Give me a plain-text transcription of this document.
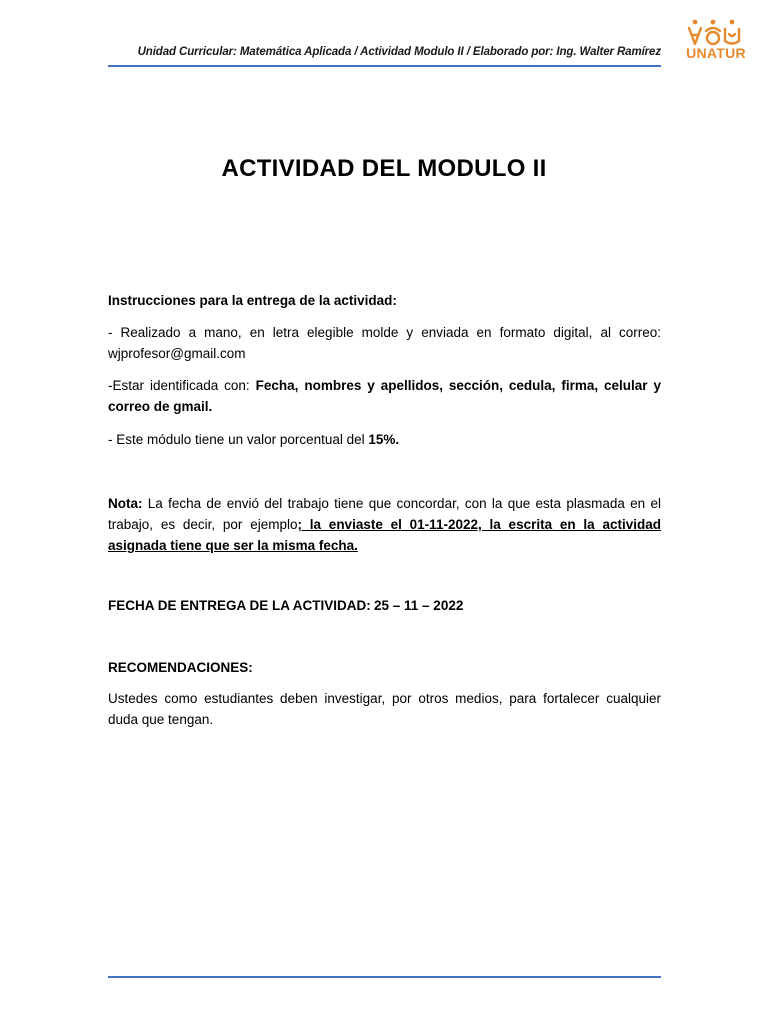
Unidad Curricular: Matemática Aplicada / Actividad Modulo II / Elaborado por: Ing. Walter Ramírez UNATUR
ACTIVIDAD DEL MODULO II
Instrucciones para la entrega de la actividad:
- Realizado a mano, en letra elegible molde y enviada en formato digital, al correo: wjprofesor@gmail.com
-Estar identificada con: Fecha, nombres y apellidos, sección, cedula, firma, celular y correo de gmail.
- Este módulo tiene un valor porcentual del 15%.
Nota: La fecha de envió del trabajo tiene que concordar, con la que esta plasmada en el trabajo, es decir, por ejemplo; la enviaste el 01-11-2022, la escrita en la actividad asignada tiene que ser la misma fecha.
FECHA DE ENTREGA DE LA ACTIVIDAD: 25 – 11 – 2022
RECOMENDACIONES:
Ustedes como estudiantes deben investigar, por otros medios, para fortalecer cualquier duda que tengan.
